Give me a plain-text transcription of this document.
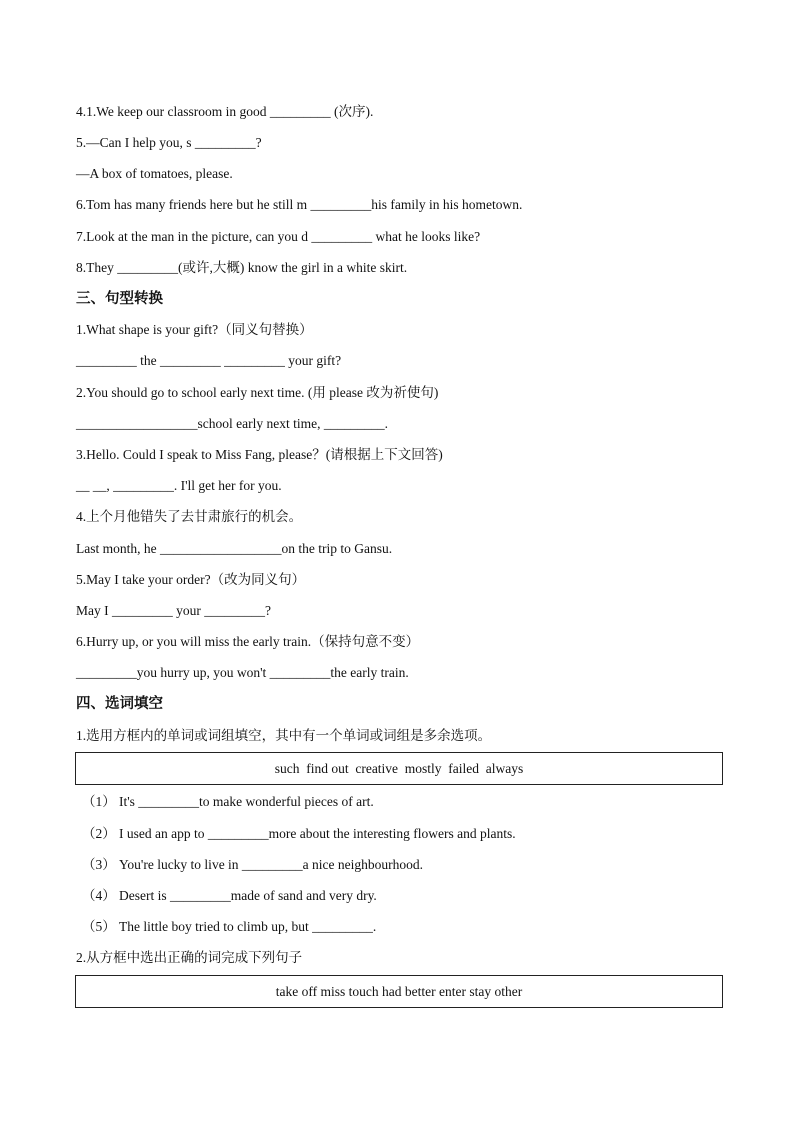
4.1.We keep our classroom in good _________ (次序).
5.—Can I help you, s _________?
—A box of tomatoes, please.
6.Tom has many friends here but he still m _________his family in his hometown.
7.Look at the man in the picture, can you d _________ what he looks like?
8.They _________(或许,大概) know the girl in a white skirt.
三、句型转换
1.What shape is your gift?（同义句替换）
_________ the _________ _________ your gift?
2.You should go to school early next time. (用 please 改为祈使句)
__________________school early next time, _________.
3.Hello. Could I speak to Miss Fang, please？(请根据上下文回答)
__ __, _________. I'll get her for you.
4.上个月他错失了去甘肃旅行的机会。
Last month, he __________________on the trip to Gansu.
5.May I take your order?（改为同义句）
May I _________ your _________?
6.Hurry up, or you will miss the early train.（保持句意不变）
_________you hurry up, you won't _________the early train.
四、选词填空
1.选用方框内的单词或词组填空，其中有一个单词或词组是多余选项。
such  find out  creative  mostly  failed  always
（1） It's _________to make wonderful pieces of art.
（2） I used an app to _________more about the interesting flowers and plants.
（3） You're lucky to live in _________a nice neighbourhood.
（4） Desert is _________made of sand and very dry.
（5） The little boy tried to climb up, but _________.
2.从方框中选出正确的词完成下列句子
take off miss touch had better enter stay other
